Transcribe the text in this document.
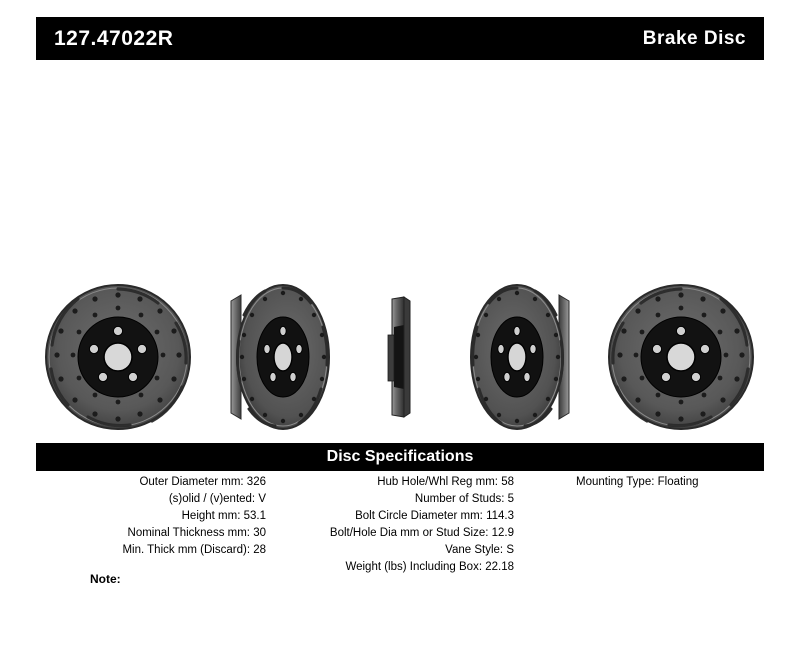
127.47022R	Brake Disc
Disc Specifications
Outer Diameter mm: 326
(s)olid / (v)ented: V
Height mm: 53.1
Nominal Thickness mm: 30
Min. Thick mm (Discard): 28
Hub Hole/Whl Reg mm: 58
Number of Studs: 5
Bolt Circle Diameter mm: 114.3
Bolt/Hole Dia mm or Stud Size: 12.9
Vane Style: S
Weight (lbs) Including Box: 22.18
Mounting Type: Floating
Note:
